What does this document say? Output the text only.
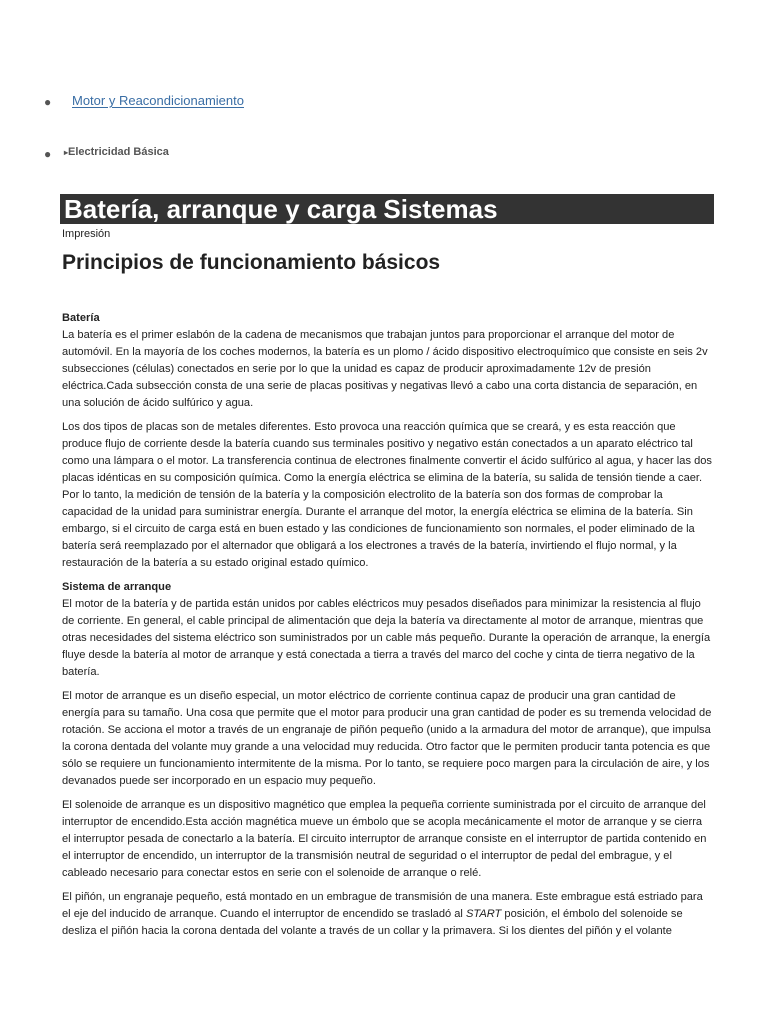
● Motor y Reacondicionamiento
● ▸Electricidad Básica
Batería, arranque y carga Sistemas
Impresión
Principios de funcionamiento básicos
Batería

La batería es el primer eslabón de la cadena de mecanismos que trabajan juntos para proporcionar el arranque del motor de automóvil. En la mayoría de los coches modernos, la batería es un plomo / ácido dispositivo electroquímico que consiste en seis 2v subsecciones (células) conectados en serie por lo que la unidad es capaz de producir aproximadamente 12v de presión eléctrica.Cada subsección consta de una serie de placas positivas y negativas llevó a cabo una corta distancia de separación, en una solución de ácido sulfúrico y agua.

Los dos tipos de placas son de metales diferentes. Esto provoca una reacción química que se creará, y es esta reacción que produce flujo de corriente desde la batería cuando sus terminales positivo y negativo están conectados a un aparato eléctrico tal como una lámpara o el motor. La transferencia continua de electrones finalmente convertir el ácido sulfúrico al agua, y hacer las dos placas idénticas en su composición química. Como la energía eléctrica se elimina de la batería, su salida de tensión tiende a caer. Por lo tanto, la medición de tensión de la batería y la composición electrolito de la batería son dos formas de comprobar la capacidad de la unidad para suministrar energía. Durante el arranque del motor, la energía eléctrica se elimina de la batería. Sin embargo, si el circuito de carga está en buen estado y las condiciones de funcionamiento son normales, el poder eliminado de la batería será reemplazado por el alternador que obligará a los electrones a través de la batería, invirtiendo el flujo normal, y la restauración de la batería a su estado original estado químico.

Sistema de arranque

El motor de la batería y de partida están unidos por cables eléctricos muy pesados diseñados para minimizar la resistencia al flujo de corriente. En general, el cable principal de alimentación que deja la batería va directamente al motor de arranque, mientras que otras necesidades del sistema eléctrico son suministrados por un cable más pequeño. Durante la operación de arranque, la energía fluye desde la batería al motor de arranque y está conectada a tierra a través del marco del coche y cinta de tierra negativo de la batería.

El motor de arranque es un diseño especial, un motor eléctrico de corriente continua capaz de producir una gran cantidad de energía para su tamaño. Una cosa que permite que el motor para producir una gran cantidad de poder es su tremenda velocidad de rotación. Se acciona el motor a través de un engranaje de piñón pequeño (unido a la armadura del motor de arranque), que impulsa la corona dentada del volante muy grande a una velocidad muy reducida. Otro factor que le permiten producir tanta potencia es que sólo se requiere un funcionamiento intermitente de la misma. Por lo tanto, se requiere poco margen para la circulación de aire, y los devanados puede ser incorporado en un espacio muy pequeño.

El solenoide de arranque es un dispositivo magnético que emplea la pequeña corriente suministrada por el circuito de arranque del interruptor de encendido.Esta acción magnética mueve un émbolo que se acopla mecánicamente el motor de arranque y se cierra el interruptor pesada de conectarlo a la batería. El circuito interruptor de arranque consiste en el interruptor de partida contenido en el interruptor de encendido, un interruptor de la transmisión neutral de seguridad o el interruptor de pedal del embrague, y el cableado necesario para conectar estos en serie con el solenoide de arranque o relé.

El piñón, un engranaje pequeño, está montado en un embrague de transmisión de una manera. Este embrague está estriado para el eje del inducido de arranque. Cuando el interruptor de encendido se trasladó al START posición, el émbolo del solenoide se desliza el piñón hacia la corona dentada del volante a través de un collar y la primavera. Si los dientes del piñón y el volante
